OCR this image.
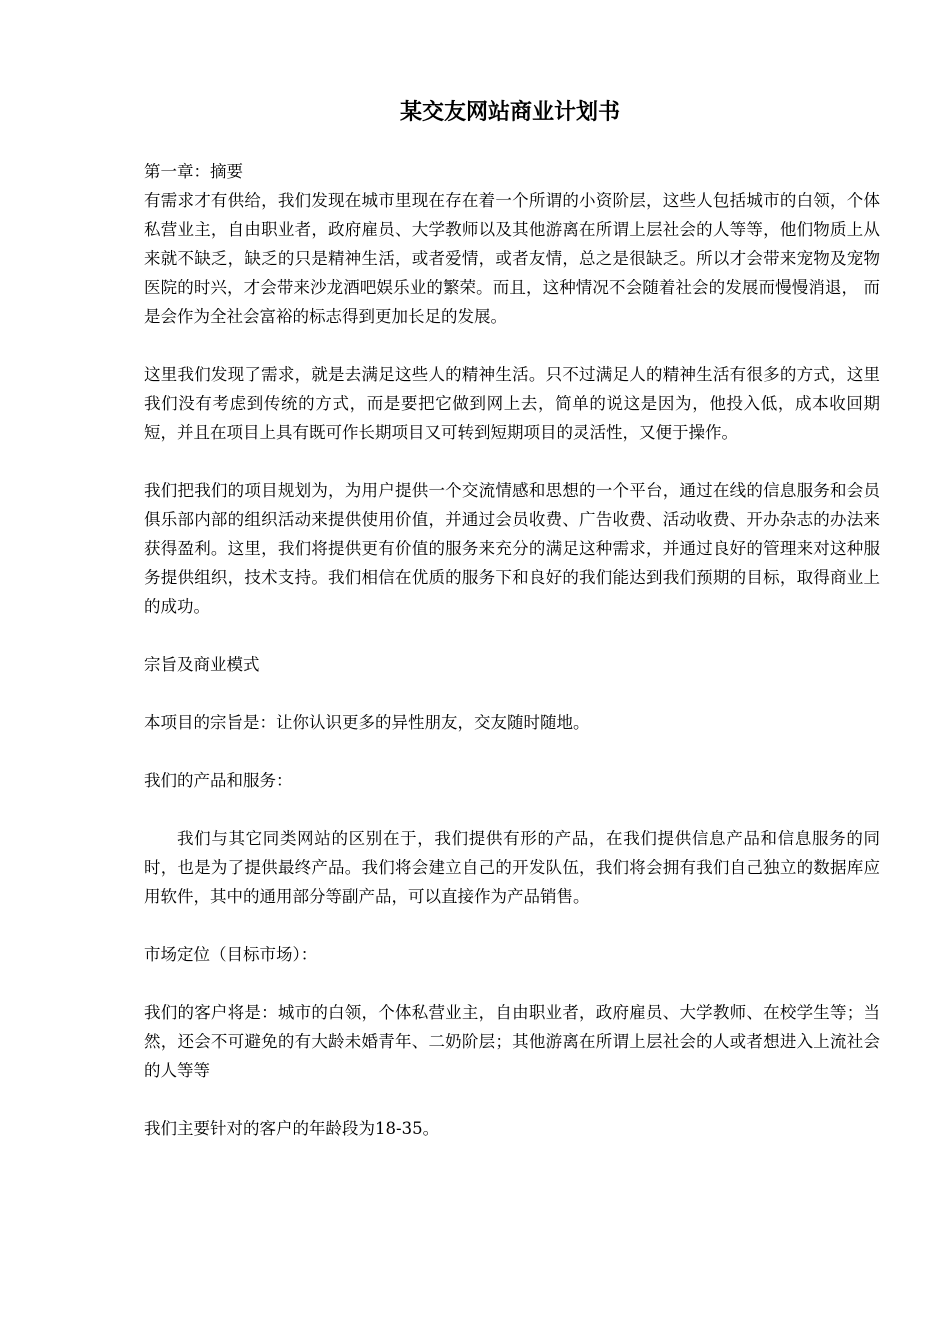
某交友网站商业计划书

第一章：摘要

有需求才有供给，我们发现在城市里现在存在着一个所谓的小资阶层，这些人包括城市的白领，个体私营业主，自由职业者，政府雇员、大学教师以及其他游离在所谓上层社会的人等等，他们物质上从来就不缺乏，缺乏的只是精神生活，或者爱情，或者友情，总之是很缺乏。所以才会带来宠物及宠物医院的时兴，才会带来沙龙酒吧娱乐业的繁荣。而且，这种情况不会随着社会的发展而慢慢消退， 而是会作为全社会富裕的标志得到更加长足的发展。

这里我们发现了需求，就是去满足这些人的精神生活。只不过满足人的精神生活有很多的方式，这里我们没有考虑到传统的方式，而是要把它做到网上去，简单的说这是因为，他投入低，成本收回期短，并且在项目上具有既可作长期项目又可转到短期项目的灵活性，又便于操作。

我们把我们的项目规划为，为用户提供一个交流情感和思想的一个平台，通过在线的信息服务和会员俱乐部内部的组织活动来提供使用价值，并通过会员收费、广告收费、活动收费、开办杂志的办法来获得盈利。这里，我们将提供更有价值的服务来充分的满足这种需求，并通过良好的管理来对这种服务提供组织，技术支持。我们相信在优质的服务下和良好的我们能达到我们预期的目标，取得商业上的成功。

宗旨及商业模式

本项目的宗旨是：让你认识更多的异性朋友，交友随时随地。

我们的产品和服务：

我们与其它同类网站的区别在于，我们提供有形的产品，在我们提供信息产品和信息服务的同时，也是为了提供最终产品。我们将会建立自己的开发队伍，我们将会拥有我们自己独立的数据库应用软件，其中的通用部分等副产品，可以直接作为产品销售。

市场定位（目标市场）：

我们的客户将是：城市的白领，个体私营业主，自由职业者，政府雇员、大学教师、在校学生等；当然，还会不可避免的有大龄未婚青年、二奶阶层；其他游离在所谓上层社会的人或者想进入上流社会的人等等

我们主要针对的客户的年龄段为18-35。
